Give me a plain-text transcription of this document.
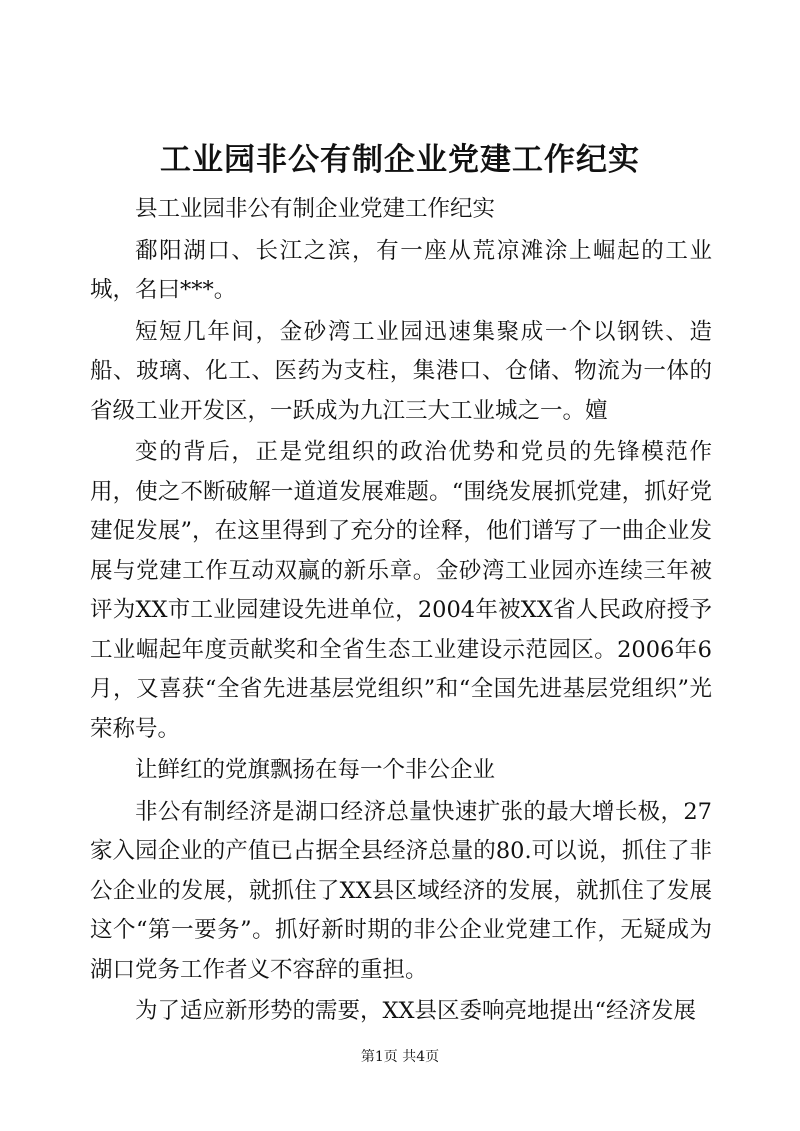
工业园非公有制企业党建工作纪实

县工业园非公有制企业党建工作纪实

鄱阳湖口、长江之滨，有一座从荒凉滩涂上崛起的工业城，名曰***。

短短几年间，金砂湾工业园迅速集聚成一个以钢铁、造船、玻璃、化工、医药为支柱，集港口、仓储、物流为一体的省级工业开发区，一跃成为九江三大工业城之一。嬗

变的背后，正是党组织的政治优势和党员的先锋模范作用，使之不断破解一道道发展难题。“围绕发展抓党建，抓好党建促发展”，在这里得到了充分的诠释，他们谱写了一曲企业发展与党建工作互动双赢的新乐章。金砂湾工业园亦连续三年被评为XX市工业园建设先进单位，2004年被XX省人民政府授予工业崛起年度贡献奖和全省生态工业建设示范园区。2006年6月，又喜获“全省先进基层党组织”和“全国先进基层党组织”光荣称号。

让鲜红的党旗飘扬在每一个非公企业

非公有制经济是湖口经济总量快速扩张的最大增长极，27家入园企业的产值已占据全县经济总量的80.可以说，抓住了非公企业的发展，就抓住了XX县区域经济的发展，就抓住了发展这个“第一要务”。抓好新时期的非公企业党建工作，无疑成为湖口党务工作者义不容辞的重担。

为了适应新形势的需要，XX县区委响亮地提出“经济发展

第1页 共4页
